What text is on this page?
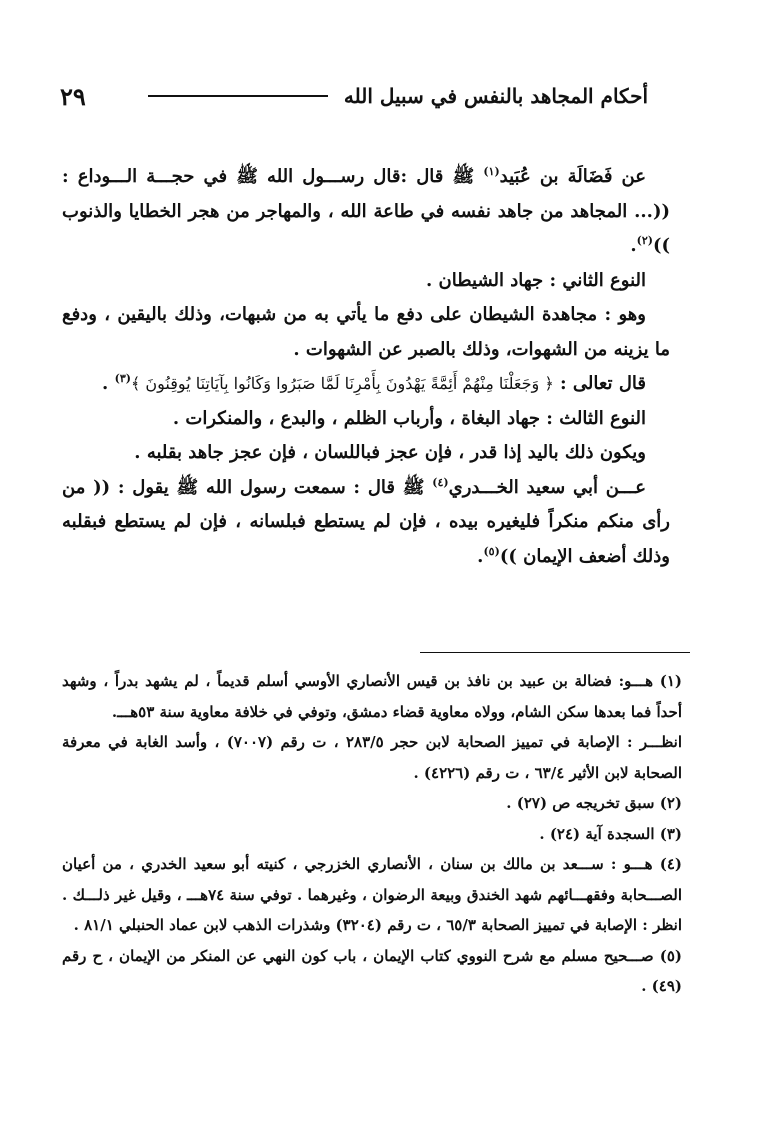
٢٩	أحكام المجاهد بالنفس في سبيل الله

عن فَضَالَة بن عُبَيد$^{(١)}$ ﷺ قال :قال رســـول الله ﷺ في حجـــة الـــوداع : ((... المجاهد من جاهد نفسه في طاعة الله ، والمهاجر من هجر الخطايا والذنوب ))$^{(٢)}$.

النوع الثاني : جهاد الشيطان .

وهو : مجاهدة الشيطان على دفع ما يأتي به من شبهات، وذلك باليقين ، ودفع ما يزينه من الشهوات، وذلك بالصبر عن الشهوات .

قال تعالى : ﴿ وَجَعَلْنَا مِنْهُمْ أَئِمَّةً يَهْدُونَ بِأَمْرِنَا لَمَّا صَبَرُوا وَكَانُوا بِآيَاتِنَا يُوقِنُونَ ﴾$^{(٣)}$ .

النوع الثالث : جهاد البغاة ، وأرباب الظلم ، والبدع ، والمنكرات .

ويكون ذلك باليد إذا قدر ، فإن عجز فباللسان ، فإن عجز جاهد بقلبه .

عـــن أبي سعيد الخـــدري$^{(٤)}$ ﷺ قال : سمعت رسول الله ﷺ يقول : (( من رأى منكم منكراً فليغيره بيده ، فإن لم يستطع فبلسانه ، فإن لم يستطع فبقلبه وذلك أضعف الإيمان ))$^{(٥)}$.

(١) هـــو: فضالة بن عبيد بن نافذ بن قيس الأنصاري الأوسي أسلم قديماً ، لم يشهد بدراً ، وشهد أحداً فما بعدها سكن الشام، وولاه معاوية قضاء دمشق، وتوفي في خلافة معاوية سنة ٥٣هـــ.

انظـــر : الإصابة في تمييز الصحابة لابن حجر ٢٨٣/٥ ، ت رقم (٧٠٠٧) ، وأسد الغابة في معرفة الصحابة لابن الأثير ٦٣/٤ ، ت رقم (٤٢٢٦) .

(٢) سبق تخريجه ص (٢٧) .

(٣) السجدة آية (٢٤) .

(٤) هـــو : ســـعد بن مالك بن سنان ، الأنصاري الخزرجي ، كنيته أبو سعيد الخدري ، من أعيان الصـــحابة وفقهـــائهم شهد الخندق وبيعة الرضوان ، وغيرهما . توفي سنة ٧٤هـــ ، وقيل غير ذلـــك . انظر : الإصابة في تمييز الصحابة ٦٥/٣ ، ت رقم (٣٢٠٤) وشذرات الذهب لابن عماد الحنبلي ٨١/١ .

(٥) صـــحيح مسلم مع شرح النووي كتاب الإيمان ، باب كون النهي عن المنكر من الإيمان ، ح رقم (٤٩) .
